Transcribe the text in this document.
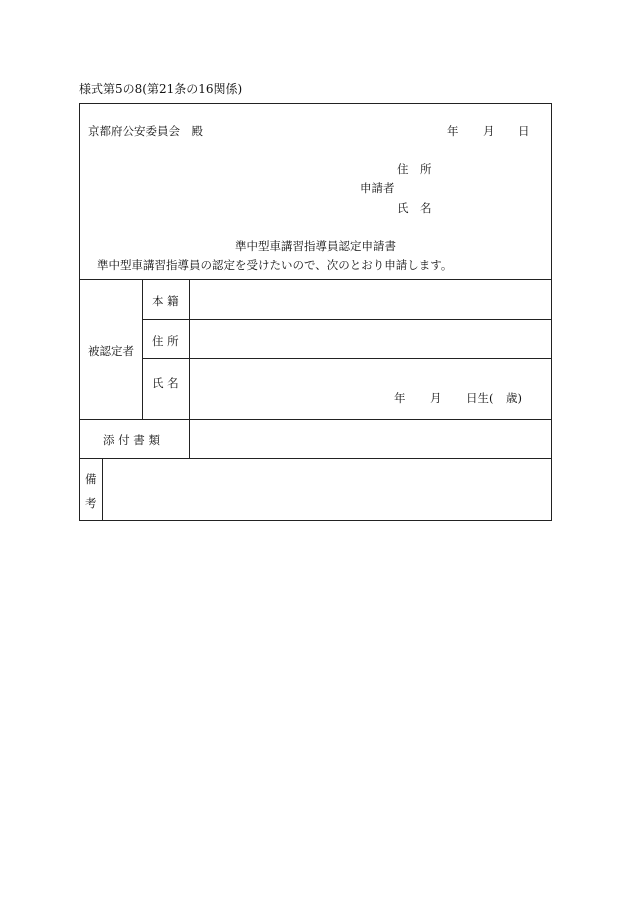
様式第5の8(第21条の16関係)
京都府公安委員会　殿	年 月 日
住　所
申請者
氏　名
準中型車講習指導員認定申請書
準中型車講習指導員の認定を受けたいので、次のとおり申請します。
被認定者
本 籍
住 所
氏 名
年 月 日生( 歳)
添 付 書 類
備
考
